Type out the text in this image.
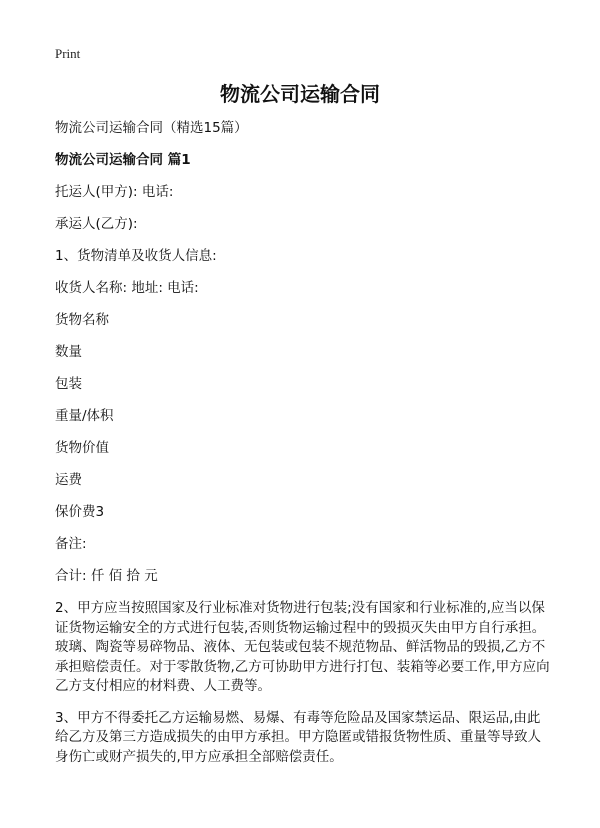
Print
物流公司运输合同

物流公司运输合同（精选15篇）

物流公司运输合同 篇1

托运人(甲方): 电话:

承运人(乙方):

1、货物清单及收货人信息:

收货人名称: 地址: 电话:

货物名称

数量

包装

重量/体积

货物价值

运费

保价费3

备注:

合计: 仟 佰 拾 元

2、甲方应当按照国家及行业标准对货物进行包装;没有国家和行业标准的,应当以保证货物运输安全的方式进行包装,否则货物运输过程中的毁损灭失由甲方自行承担。玻璃、陶瓷等易碎物品、液体、无包装或包装不规范物品、鲜活物品的毁损,乙方不承担赔偿责任。对于零散货物,乙方可协助甲方进行打包、装箱等必要工作,甲方应向乙方支付相应的材料费、人工费等。

3、甲方不得委托乙方运输易燃、易爆、有毒等危险品及国家禁运品、限运品,由此给乙方及第三方造成损失的由甲方承担。甲方隐匿或错报货物性质、重量等导致人身伤亡或财产损失的,甲方应承担全部赔偿责任。
